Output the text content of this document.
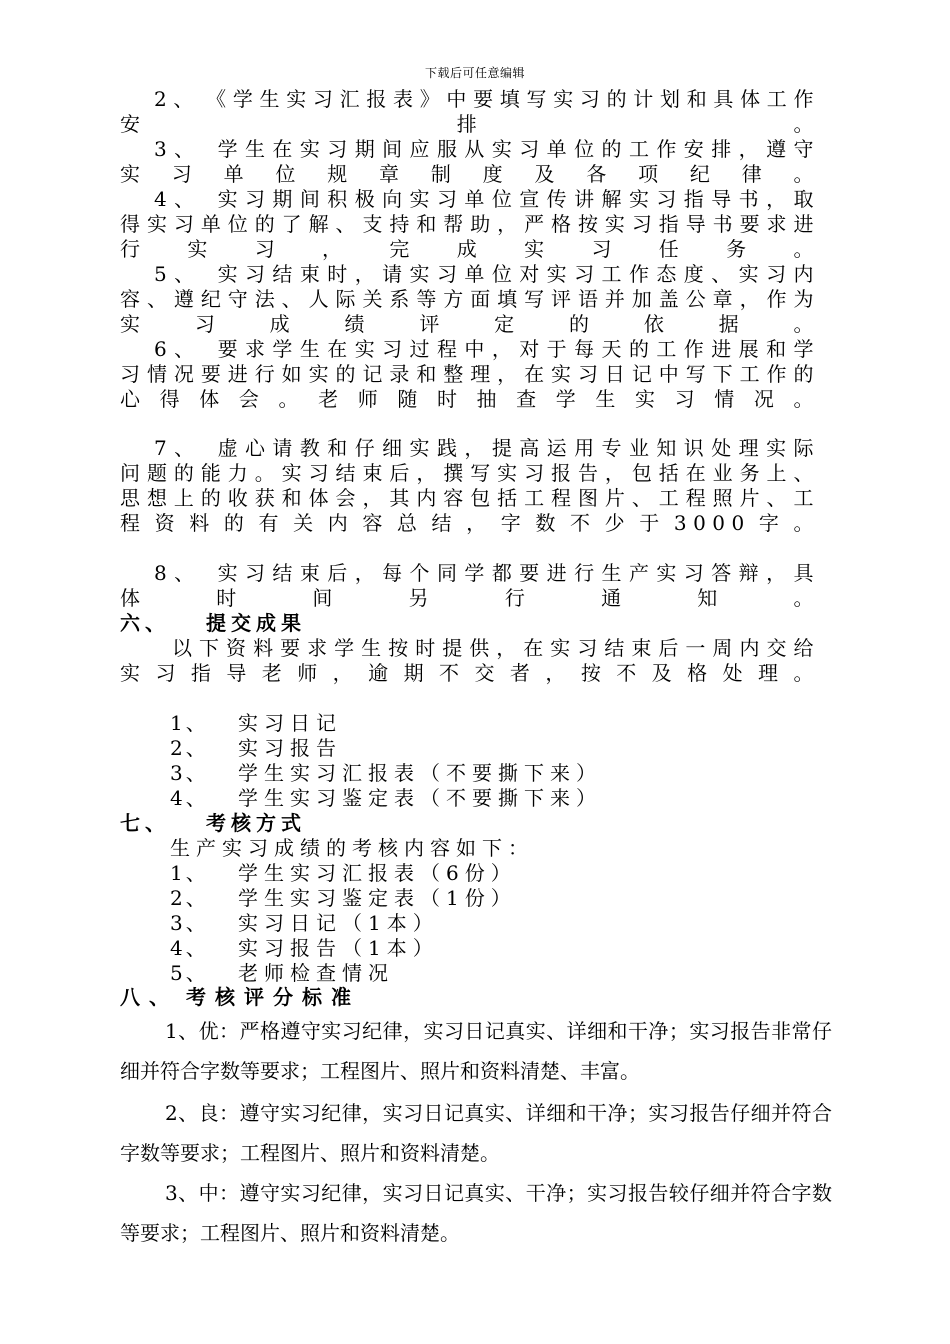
下载后可任意编辑

2、 《学生实习汇报表》中要填写实习的计划和具体工作安排。

3、 学生在实习期间应服从实习单位的工作安排，遵守实习单位规章制度及各项纪律。

4、 实习期间积极向实习单位宣传讲解实习指导书，取得实习单位的了解、支持和帮助，严格按实习指导书要求进行实习，完成实习任务。

5、 实习结束时，请实习单位对实习工作态度、实习内容、遵纪守法、人际关系等方面填写评语并加盖公章，作为实习成绩评定的依据。

6、 要求学生在实习过程中，对于每天的工作进展和学习情况要进行如实的记录和整理，在实习日记中写下工作的心得体会。老师随时抽查学生实习情况。

7、 虚心请教和仔细实践，提高运用专业知识处理实际问题的能力。实习结束后，撰写实习报告，包括在业务上、思想上的收获和体会，其内容包括工程图片、工程照片、工程资料的有关内容总结，字数不少于3000字。

8、 实习结束后，每个同学都要进行生产实习答辩，具体时间另行通知。

六、 提交成果

以下资料要求学生按时提供，在实习结束后一周内交给实习指导老师，逾期不交者，按不及格处理。

1、 实习日记
2、 实习报告
3、 学生实习汇报表（不要撕下来）
4、 学生实习鉴定表（不要撕下来）
七、 考核方式
生产实习成绩的考核内容如下：
1、 学生实习汇报表（6份）
2、 学生实习鉴定表（1份）
3、 实习日记（1本）
4、 实习报告（1本）
5、 老师检查情况
八、 考核评分标准

1、优：严格遵守实习纪律，实习日记真实、详细和干净；实习报告非常仔细并符合字数等要求；工程图片、照片和资料清楚、丰富。

2、良：遵守实习纪律，实习日记真实、详细和干净；实习报告仔细并符合字数等要求；工程图片、照片和资料清楚。

3、中：遵守实习纪律，实习日记真实、干净；实习报告较仔细并符合字数等要求；工程图片、照片和资料清楚。
